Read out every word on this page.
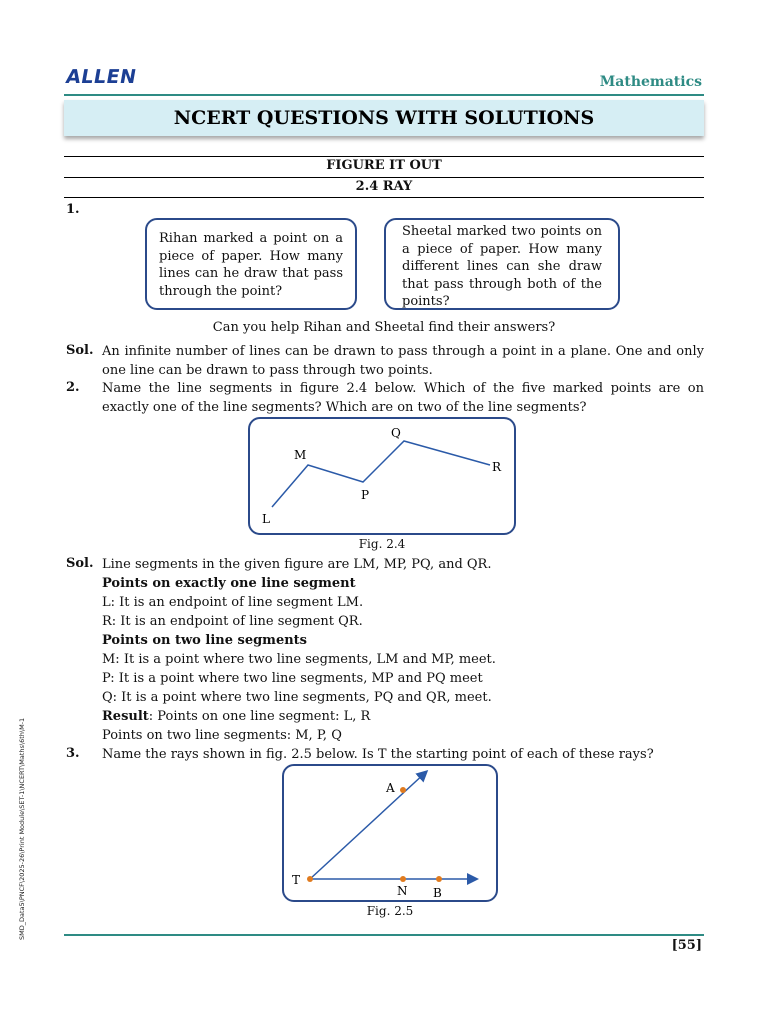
ALLEN	Mathematics
NCERT QUESTIONS WITH SOLUTIONS
FIGURE IT OUT
2.4 RAY
1.
Rihan marked a point on a piece of paper. How many lines can he draw that pass through the point?
Sheetal marked two points on a piece of paper. How many different lines can she draw that pass through both of the points?
Can you help Rihan and Sheetal find their answers?
Sol. An infinite number of lines can be drawn to pass through a point in a plane. One and only one line can be drawn to pass through two points.
2. Name the line segments in figure 2.4 below. Which of the five marked points are on exactly one of the line segments? Which are on two of the line segments?
L
M
P
Q
R
Fig. 2.4
Sol. Line segments in the given figure are LM, MP, PQ, and QR.
Points on exactly one line segment
L: It is an endpoint of line segment LM.
R: It is an endpoint of line segment QR.
Points on two line segments
M: It is a point where two line segments, LM and MP, meet.
P: It is a point where two line segments, MP and PQ meet
Q: It is a point where two line segments, PQ and QR, meet.
Result: Points on one line segment: L, R
Points on two line segments: M, P, Q
3. Name the rays shown in fig. 2.5 below. Is T the starting point of each of these rays?
A
T
N B
Fig. 2.5
[55]
SMD_Data5\PNCF\2025-26\Print Module\SET-1\NCERT\Maths\6th\M-1
